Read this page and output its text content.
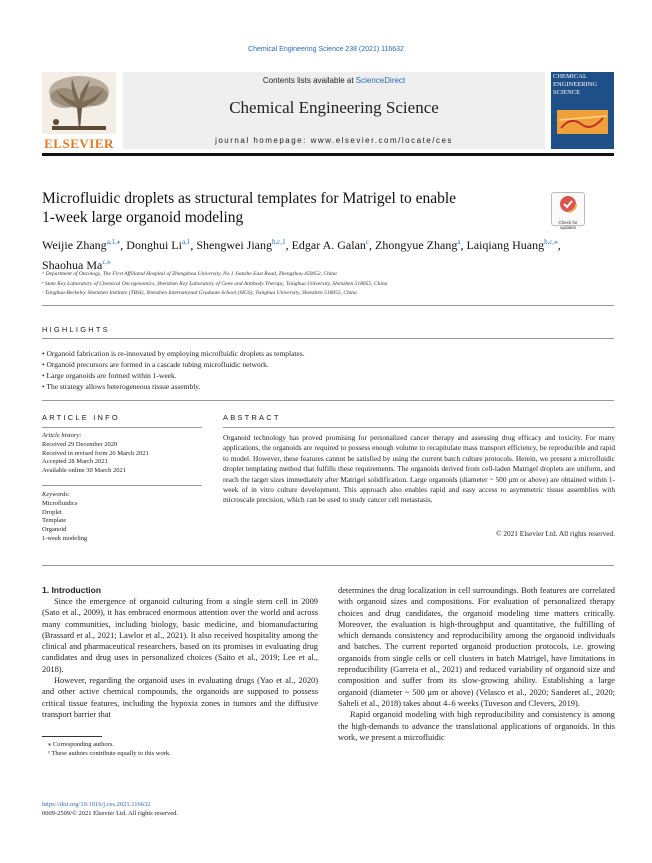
Chemical Engineering Science 238 (2021) 116632
ELSEVIER
Contents lists available at ScienceDirect
Chemical Engineering Science
journal homepage: www.elsevier.com/locate/ces
CHEMICAL ENGINEERING SCIENCE
Microfluidic droplets as structural templates for Matrigel to enable
1-week large organoid modeling	Check for updates
Weijie Zhang$^{a,1,⁎}$, Donghui Li$^{a,1}$, Shengwei Jiang$^{b,c,1}$, Edgar A. Galan$^c$, Zhongyue Zhang$^a$, Laiqiang Huang$^{b,c,⁎}$, Shaohua $Ma^{c,⁎}$
ᵃ Department of Oncology, The First Affiliated Hospital of Zhengzhou University, No.1 Jianshe East Road, Zhengzhou 450052, China
ᵇ State Key Laboratory of Chemical Oncogenomics, Shenzhen Key Laboratory of Gene and Antibody Therapy, Tsinghua University, Shenzhen 518055, China
ᶜ Tsinghua-Berkeley Shenzhen Institute (TBSI), Shenzhen International Graduate School (SIGS), Tsinghua University, Shenzhen 518055, China
HIGHLIGHTS
• Organoid fabrication is re-innovated by employing microfluidic droplets as templates.
• Organoid precursors are formed in a cascade tubing microfluidic network.
• Large organoids are formed within 1-week.
• The strategy allows heterogeneous tissue assembly.
ARTICLE INFO	ABSTRACT
Article history:
Received 29 December 2020
Received in revised form 26 March 2021
Accepted 28 March 2021
Available online 30 March 2021
Keywords:
Microfluidics
Droplet
Template
Organoid
1-week modeling
Organoid technology has proved promising for personalized cancer therapy and assessing drug efficacy and toxicity. For many applications, the organoids are required to possess enough volume to recapitulate mass transport efficiency, be reproducible and rapid to model. However, these features cannot be satisfied by using the current batch culture protocols. Herein, we present a microfluidic droplet templating method that fulfills these requirements. The organoids derived from cell-laden Matrigel droplets are uniform, and reach the target sizes immediately after Matrigel solidification. Large organoids (diameter ~ 500 μm or above) are obtained within 1-week of in vitro culture development. This approach also enables rapid and easy access to asymmetric tissue assemblies with microscale precision, which can be used to study cancer cell metastasis.
© 2021 Elsevier Ltd. All rights reserved.
1. Introduction

Since the emergence of organoid culturing from a single stem cell in 2009 (Sato et al., 2009), it has embraced enormous attention over the world and across many communities, including biology, basic medicine, and biomanufacturing (Brassard et al., 2021; Lawlor et al., 2021). It also received hospitality among the clinical and pharmaceutical researchers, based on its promises in evaluating drug candidates and drug uses in personalized choices (Saito et al., 2019; Lee et al., 2018).

However, regarding the organoid uses in evaluating drugs (Yao et al., 2020) and other active chemical compounds, the organoids are supposed to possess critical tissue features, including the hypoxia zones in tumors and the diffusive transport barrier that

determines the drug localization in cell surroundings. Both features are correlated with organoid sizes and compositions. For evaluation of personalized therapy choices and drug candidates, the organoid modeling time matters critically. Moreover, the evaluation is high-throughput and quantitative, the fulfilling of which demands consistency and reproducibility among the organoid individuals and batches. The current reported organoid production protocols, i.e. growing organoids from single cells or cell clusters in batch Matrigel, have limitations in reproducibility (Garreta et al., 2021) and reduced variability of organoid size and composition and suffer from its slow-growing ability. Establishing a large organoid (diameter ~ 500 μm or above) (Velasco et al., 2020; Sanderet al., 2020; Saheli et al., 2018) takes about 4–6 weeks (Tuveson and Clevers, 2019).

Rapid organoid modeling with high reproducibility and consistency is among the high-demands to advance the translational applications of organoids. In this work, we present a microfluidic

⁎ Corresponding authors.
¹ These authors contribute equally to this work.
https://doi.org/10.1016/j.ces.2021.116632
0009-2509/© 2021 Elsevier Ltd. All rights reserved.
